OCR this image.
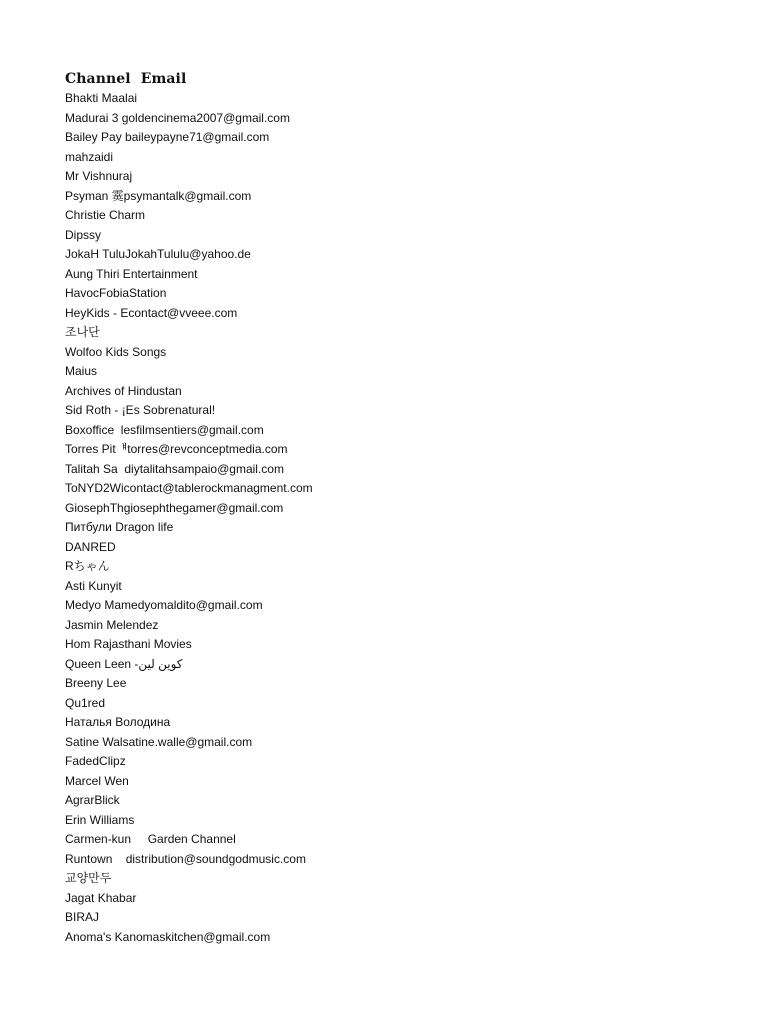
Channel Email
Bhakti Maalai
Madurai 3 goldencinema2007@gmail.com
Bailey Pay baileypayne71@gmail.com
mahzaidi
Mr Vishnuraj
Psyman 霙psymantalk@gmail.com
Christie Charm
Dipssy
JokaH TuluJokahTululu@yahoo.de
Aung Thiri Entertainment
HavocFobiaStation
HeyKids - Econtact@vveee.com
조나단
Wolfoo Kids Songs
Maius
Archives of Hindustan
Sid Roth - ¡Es Sobrenatural!
Boxoffice  lesfilmsentiers@gmail.com
Torres Pitᅤtorres@revconceptmedia.com
Talitah Sa  diytalitahsampaio@gmail.com
ToNYD2Wicontact@tablerockmanagment.com
GiosephThgiosephthegamer@gmail.com
Питбули Dragon life
DANRED
Rちゃん
Asti Kunyit
Medyo Mamedyomaldito@gmail.com
Jasmin Melendez
Hom Rajasthani Movies
Queen Leen -كوين لين
Breeny Lee
Qu1red
Наталья Володина
Satine Walsatine.walle@gmail.com
FadedClipz
Marcel Wen
AgrarBlick
Erin Williams
Carmen-kun     Garden Channel
Runtown    distribution@soundgodmusic.com
교양만두
Jagat Khabar
BIRAJ
Anoma's Kanomaskitchen@gmail.com
